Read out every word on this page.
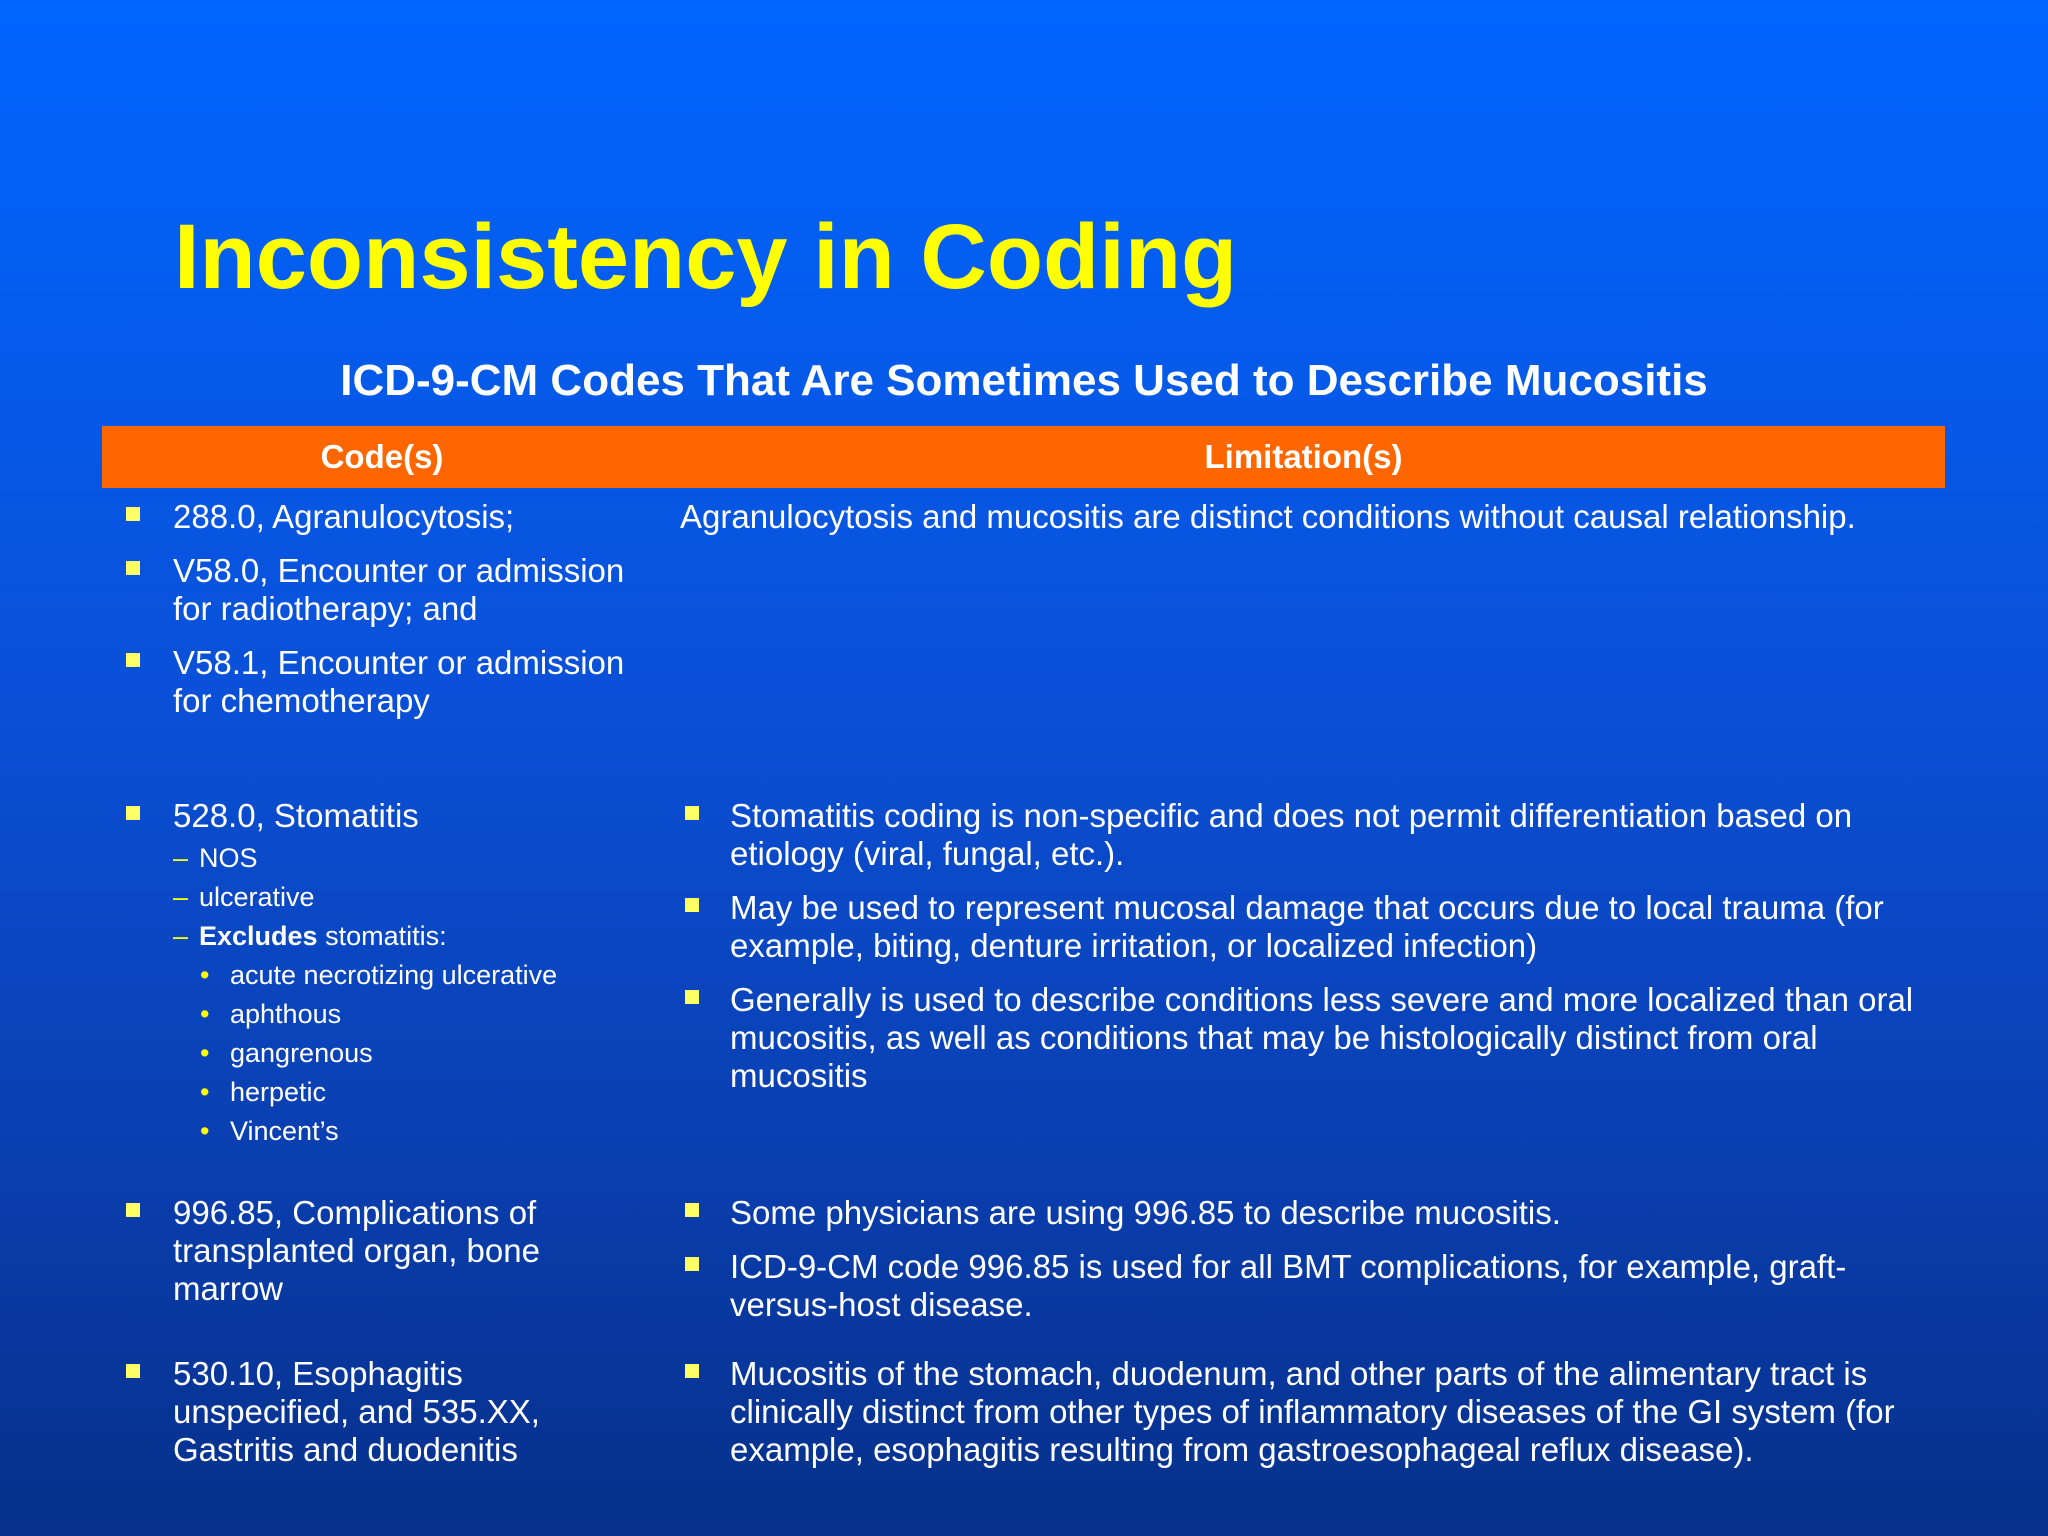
Inconsistency in Coding
ICD-9-CM Codes That Are Sometimes Used to Describe Mucositis
Code(s)	Limitation(s)
288.0, Agranulocytosis;
V58.0, Encounter or admission for radiotherapy; and
V58.1, Encounter or admission for chemotherapy
Agranulocytosis and mucositis are distinct conditions without causal relationship.
528.0, Stomatitis
– NOS
– ulcerative
– Excludes stomatitis:
• acute necrotizing ulcerative
• aphthous
• gangrenous
• herpetic
• Vincent’s
Stomatitis coding is non-specific and does not permit differentiation based on etiology (viral, fungal, etc.).
May be used to represent mucosal damage that occurs due to local trauma (for example, biting, denture irritation, or localized infection)
Generally is used to describe conditions less severe and more localized than oral mucositis, as well as conditions that may be histologically distinct from oral mucositis
996.85, Complications of transplanted organ, bone marrow
Some physicians are using 996.85 to describe mucositis.
ICD-9-CM code 996.85 is used for all BMT complications, for example, graft-versus-host disease.
530.10, Esophagitis unspecified, and 535.XX, Gastritis and duodenitis
Mucositis of the stomach, duodenum, and other parts of the alimentary tract is clinically distinct from other types of inflammatory diseases of the GI system (for example, esophagitis resulting from gastroesophageal reflux disease).
